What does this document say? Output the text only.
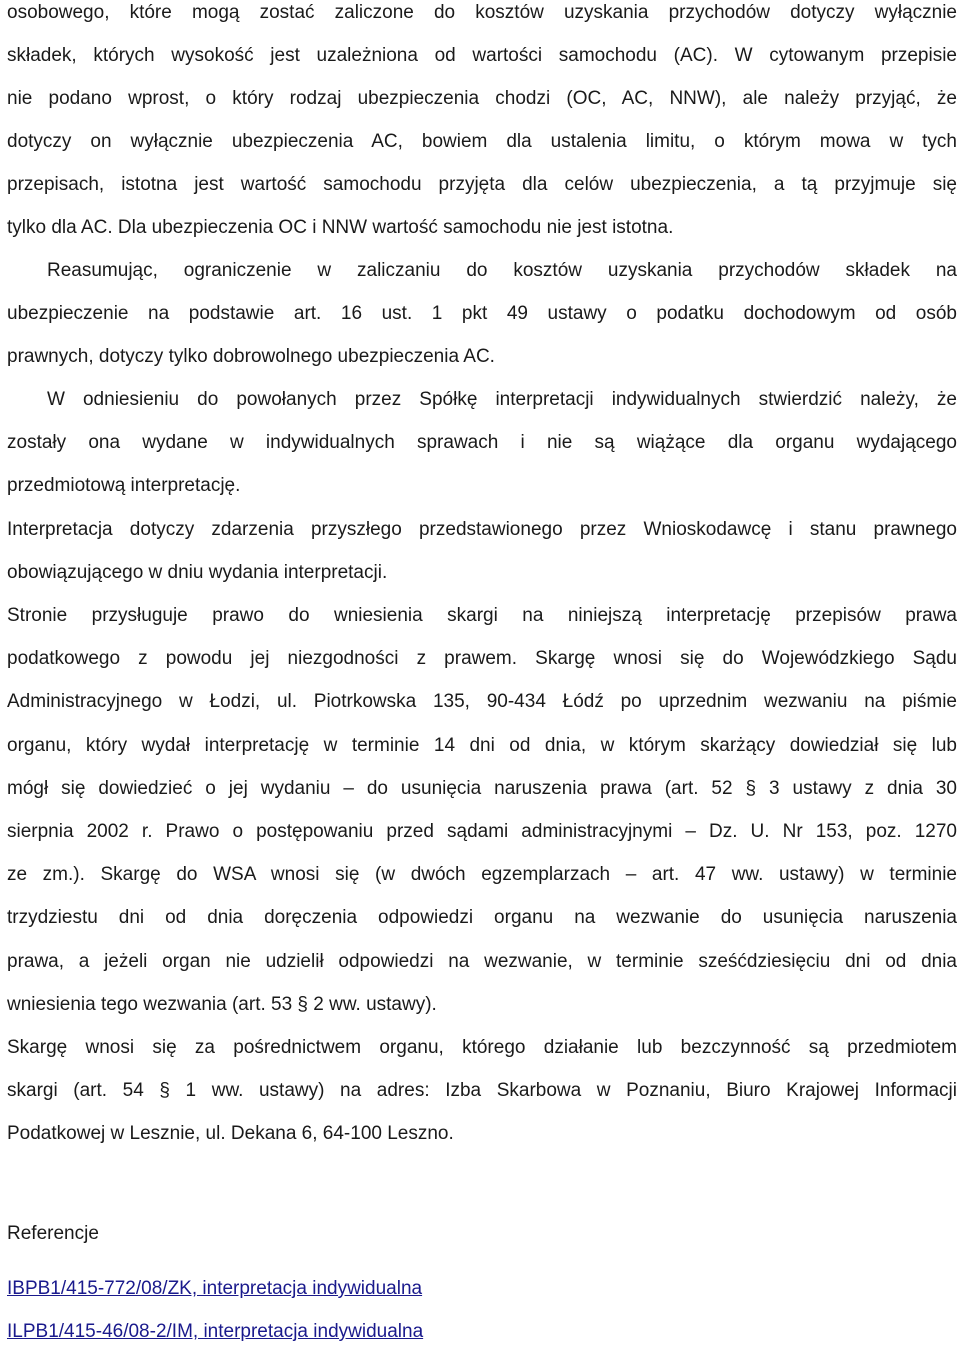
osobowego, które mogą zostać zaliczone do kosztów uzyskania przychodów dotyczy wyłącznie
składek, których wysokość jest uzależniona od wartości samochodu (AC). W cytowanym przepisie
nie podano wprost, o który rodzaj ubezpieczenia chodzi (OC, AC, NNW), ale należy przyjąć, że
dotyczy on wyłącznie ubezpieczenia AC, bowiem dla ustalenia limitu, o którym mowa w tych
przepisach, istotna jest wartość samochodu przyjęta dla celów ubezpieczenia, a tą przyjmuje się
tylko dla AC. Dla ubezpieczenia OC i NNW wartość samochodu nie jest istotna.
Reasumując, ograniczenie w zaliczaniu do kosztów uzyskania przychodów składek na
ubezpieczenie na podstawie art. 16 ust. 1 pkt 49 ustawy o podatku dochodowym od osób
prawnych, dotyczy tylko dobrowolnego ubezpieczenia AC.
W odniesieniu do powołanych przez Spółkę interpretacji indywidualnych stwierdzić należy, że
zostały ona wydane w indywidualnych sprawach i nie są wiążące dla organu wydającego
przedmiotową interpretację.
Interpretacja dotyczy zdarzenia przyszłego przedstawionego przez Wnioskodawcę i stanu prawnego
obowiązującego w dniu wydania interpretacji.
Stronie przysługuje prawo do wniesienia skargi na niniejszą interpretację przepisów prawa
podatkowego z powodu jej niezgodności z prawem. Skargę wnosi się do Wojewódzkiego Sądu
Administracyjnego w Łodzi, ul. Piotrkowska 135, 90-434 Łódź po uprzednim wezwaniu na piśmie
organu, który wydał interpretację w terminie 14 dni od dnia, w którym skarżący dowiedział się lub
mógł się dowiedzieć o jej wydaniu – do usunięcia naruszenia prawa (art. 52 § 3 ustawy z dnia 30
sierpnia 2002 r. Prawo o postępowaniu przed sądami administracyjnymi – Dz. U. Nr 153, poz. 1270
ze zm.). Skargę do WSA wnosi się (w dwóch egzemplarzach – art. 47 ww. ustawy) w terminie
trzydziestu dni od dnia doręczenia odpowiedzi organu na wezwanie do usunięcia naruszenia
prawa, a jeżeli organ nie udzielił odpowiedzi na wezwanie, w terminie sześćdziesięciu dni od dnia
wniesienia tego wezwania (art. 53 § 2 ww. ustawy).
Skargę wnosi się za pośrednictwem organu, którego działanie lub bezczynność są przedmiotem
skargi (art. 54 § 1 ww. ustawy) na adres: Izba Skarbowa w Poznaniu, Biuro Krajowej Informacji
Podatkowej w Lesznie, ul. Dekana 6, 64-100 Leszno.
Referencje
IBPB1/415-772/08/ZK, interpretacja indywidualna
ILPB1/415-46/08-2/IM, interpretacja indywidualna
